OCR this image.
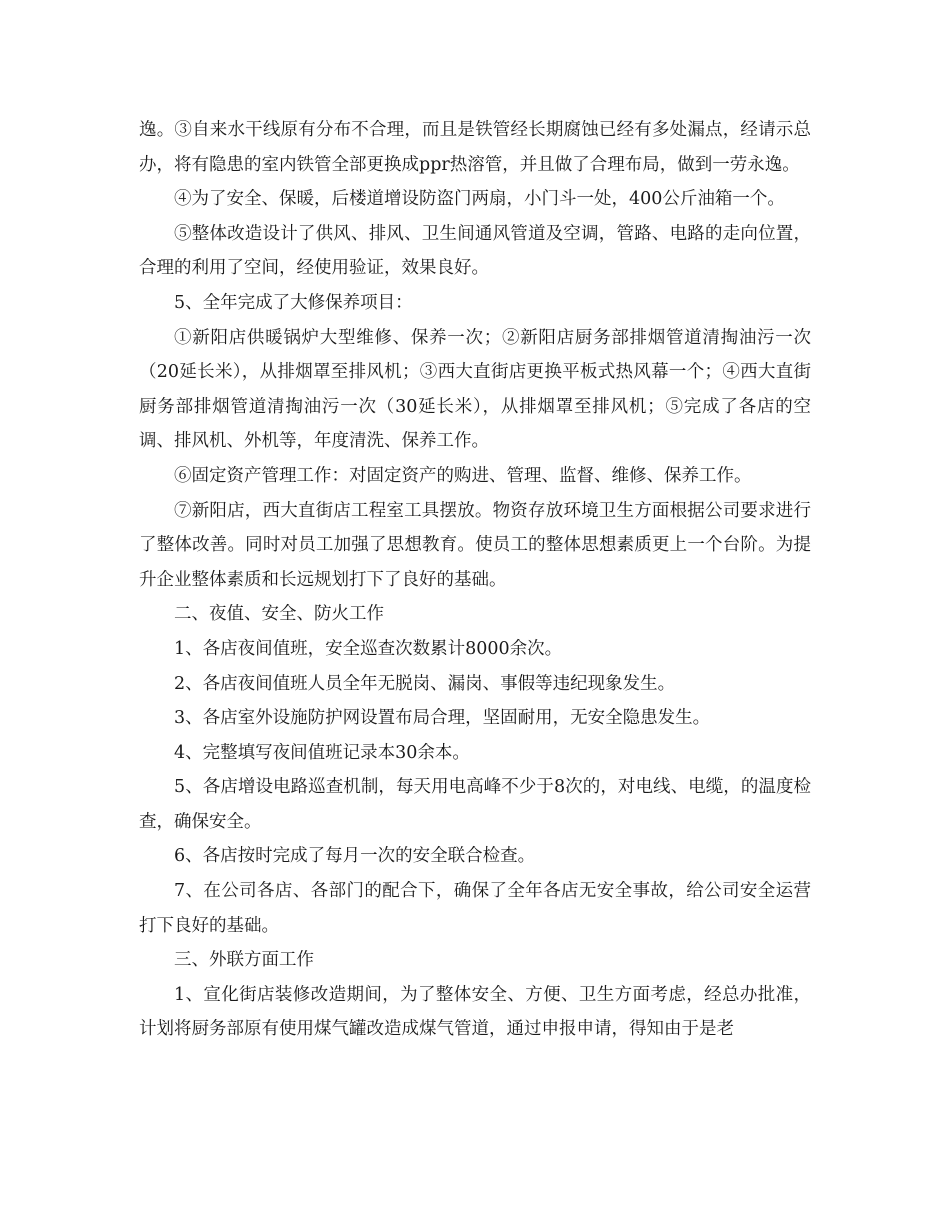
逸。③自来水干线原有分布不合理，而且是铁管经长期腐蚀已经有多处漏点，经请示总办，将有隐患的室内铁管全部更换成ppr热溶管，并且做了合理布局，做到一劳永逸。

④为了安全、保暖，后楼道增设防盗门两扇，小门斗一处，400公斤油箱一个。

⑤整体改造设计了供风、排风、卫生间通风管道及空调，管路、电路的走向位置，合理的利用了空间，经使用验证，效果良好。

5、全年完成了大修保养项目：

①新阳店供暖锅炉大型维修、保养一次；②新阳店厨务部排烟管道清掏油污一次（20延长米），从排烟罩至排风机；③西大直街店更换平板式热风幕一个；④西大直街厨务部排烟管道清掏油污一次（30延长米），从排烟罩至排风机；⑤完成了各店的空调、排风机、外机等，年度清洗、保养工作。

⑥固定资产管理工作：对固定资产的购进、管理、监督、维修、保养工作。

⑦新阳店，西大直街店工程室工具摆放。物资存放环境卫生方面根据公司要求进行了整体改善。同时对员工加强了思想教育。使员工的整体思想素质更上一个台阶。为提升企业整体素质和长远规划打下了良好的基础。

二、夜值、安全、防火工作

1、各店夜间值班，安全巡查次数累计8000余次。

2、各店夜间值班人员全年无脱岗、漏岗、事假等违纪现象发生。

3、各店室外设施防护网设置布局合理，坚固耐用，无安全隐患发生。

4、完整填写夜间值班记录本30余本。

5、各店增设电路巡查机制，每天用电高峰不少于8次的，对电线、电缆，的温度检查，确保安全。

6、各店按时完成了每月一次的安全联合检查。

7、在公司各店、各部门的配合下，确保了全年各店无安全事故，给公司安全运营打下良好的基础。

三、外联方面工作

1、宣化街店装修改造期间，为了整体安全、方便、卫生方面考虑，经总办批准，计划将厨务部原有使用煤气罐改造成煤气管道，通过申报申请，得知由于是老
